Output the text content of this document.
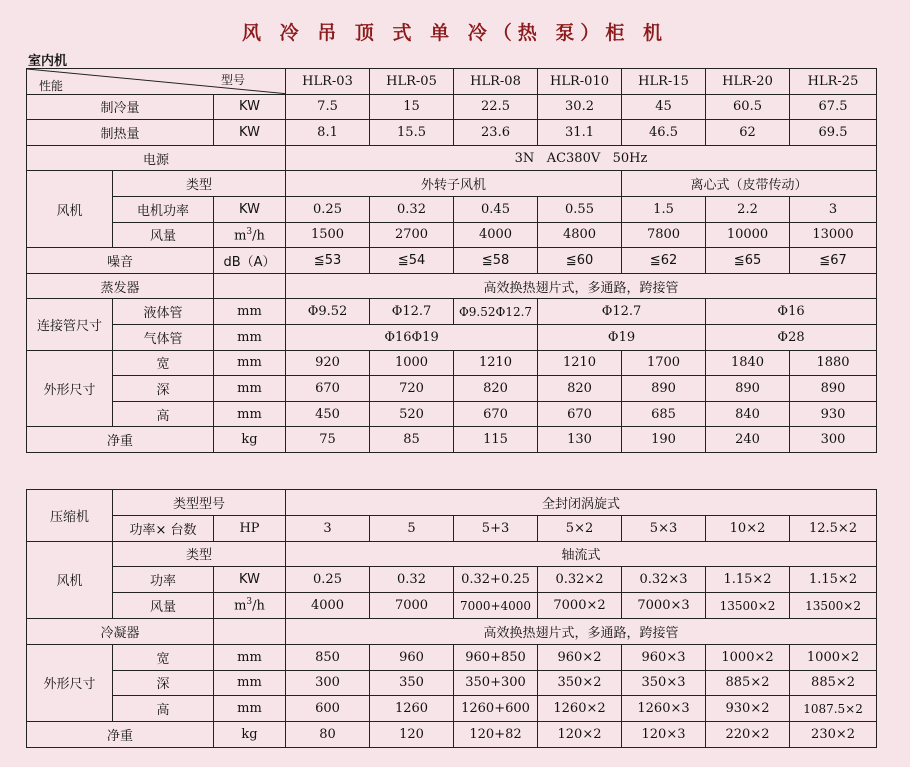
风 冷 吊 顶 式 单 冷（热 泵）柜 机
室内机
型号
性能			HLR-03	HLR-05	HLR-08	HLR-010	HLR-15	HLR-20	HLR-25
制冷量		KW	7.5	15	22.5	30.2	45	60.5	67.5
制热量		KW	8.1	15.5	23.6	31.1	46.5	62	69.5
电源			3N   AC380V   50Hz						
风机	类型		外转子风机				离心式（皮带传动）		
	电机功率	KW	0.25	0.32	0.45	0.55	1.5	2.2	3
	风量	$m^3/h$	1500	2700	4000	4800	7800	10000	13000
噪音		dB（A）	≦53	≦54	≦58	≦60	≦62	≦65	≦67
蒸发器			高效换热翅片式，多通路，跨接管						
连接管尺寸	液体管	mm	Φ9.52	Φ12.7	Φ9.52Φ12.7	Φ12.7		Φ16	
	气体管	mm	Φ16Φ19			Φ19		Φ28	
外形尺寸	宽	mm	920	1000	1210	1210	1700	1840	1880
	深	mm	670	720	820	820	890	890	890
	高	mm	450	520	670	670	685	840	930
净重		kg	75	85	115	130	190	240	300
压缩机	类型型号		全封闭涡旋式						
	功率× 台数	HP	3	5	5+3	5×2	5×3	10×2	12.5×2
风机	类型		轴流式						
	功率	KW	0.25	0.32	0.32+0.25	0.32×2	0.32×3	1.15×2	1.15×2
	风量	$m^3/h$	4000	7000	7000+4000	7000×2	7000×3	13500×2	13500×2
冷凝器			高效换热翅片式，多通路，跨接管						
外形尺寸	宽	mm	850	960	960+850	960×2	960×3	1000×2	1000×2
	深	mm	300	350	350+300	350×2	350×3	885×2	885×2
	高	mm	600	1260	1260+600	1260×2	1260×3	930×2	1087.5×2
净重		kg	80	120	120+82	120×2	120×3	220×2	230×2
